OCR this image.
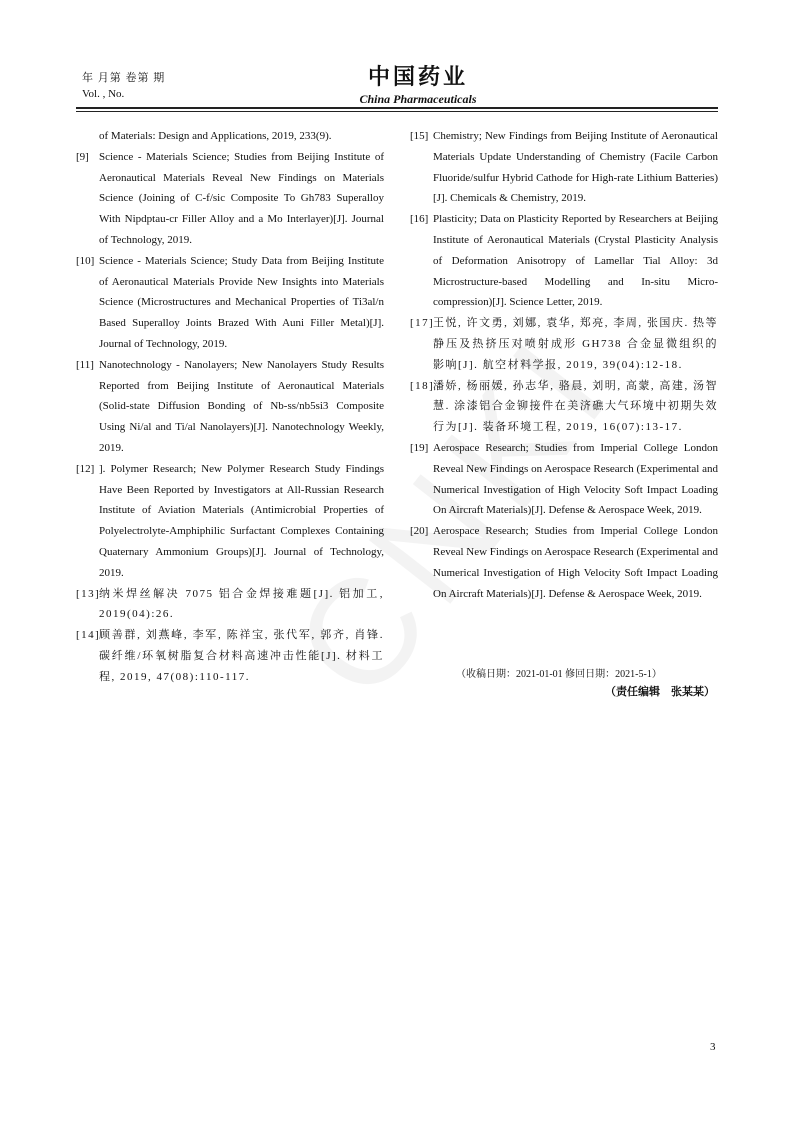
年 月第 卷第 期
Vol. , No.
中国药业
China Pharmaceuticals
of Materials: Design and Applications, 2019, 233(9).
[9] Science - Materials Science; Studies from Beijing Institute of Aeronautical Materials Reveal New Findings on Materials Science (Joining of C-f/sic Composite To Gh783 Superalloy With Nipdptau-cr Filler Alloy and a Mo Interlayer)[J]. Journal of Technology, 2019.
[10] Science - Materials Science; Study Data from Beijing Institute of Aeronautical Materials Provide New Insights into Materials Science (Microstructures and Mechanical Properties of Ti3al/n Based Superalloy Joints Brazed With Auni Filler Metal)[J]. Journal of Technology, 2019.
[11] Nanotechnology - Nanolayers; New Nanolayers Study Results Reported from Beijing Institute of Aeronautical Materials (Solid-state Diffusion Bonding of Nb-ss/nb5si3 Composite Using Ni/al and Ti/al Nanolayers)[J]. Nanotechnology Weekly, 2019.
[12] ]. Polymer Research; New Polymer Research Study Findings Have Been Reported by Investigators at All-Russian Research Institute of Aviation Materials (Antimicrobial Properties of Polyelectrolyte-Amphiphilic Surfactant Complexes Containing Quaternary Ammonium Groups)[J]. Journal of Technology, 2019.
[13]
纳米焊丝解决 7075 铝合金焊接难题[J]. 铝加工, 2019(04):26.
[14]
顾善群, 刘燕峰, 李军, 陈祥宝, 张代军, 郭齐, 肖锋. 碳纤维/环氧树脂复合材料高速冲击性能[J]. 材料工程, 2019, 47(08):110-117.
[15] Chemistry; New Findings from Beijing Institute of Aeronautical Materials Update Understanding of Chemistry (Facile Carbon Fluoride/sulfur Hybrid Cathode for High-rate Lithium Batteries)[J]. Chemicals & Chemistry, 2019.
[16] Plasticity; Data on Plasticity Reported by Researchers at Beijing Institute of Aeronautical Materials (Crystal Plasticity Analysis of Deformation Anisotropy of Lamellar Tial Alloy: 3d Microstructure-based Modelling and In-situ Micro-compression)[J]. Science Letter, 2019.
[17]
王悦, 许文勇, 刘娜, 袁华, 郑亮, 李周, 张国庆. 热等静压及热挤压对喷射成形 GH738 合金显微组织的影响[J]. 航空材料学报, 2019, 39(04):12-18.
[18]
潘娇, 杨丽媛, 孙志华, 骆晨, 刘明, 高蒙, 高建, 汤智慧. 涂漆铝合金铆接件在美济礁大气环境中初期失效行为[J]. 装备环境工程, 2019, 16(07):13-17.
[19] Aerospace Research; Studies from Imperial College London Reveal New Findings on Aerospace Research (Experimental and Numerical Investigation of High Velocity Soft Impact Loading On Aircraft Materials)[J]. Defense & Aerospace Week, 2019.
[20] Aerospace Research; Studies from Imperial College London Reveal New Findings on Aerospace Research (Experimental and Numerical Investigation of High Velocity Soft Impact Loading On Aircraft Materials)[J]. Defense & Aerospace Week, 2019.
（收稿日期：2021-01-01 修回日期：2021-5-1）
（责任编辑　张某某）
3
